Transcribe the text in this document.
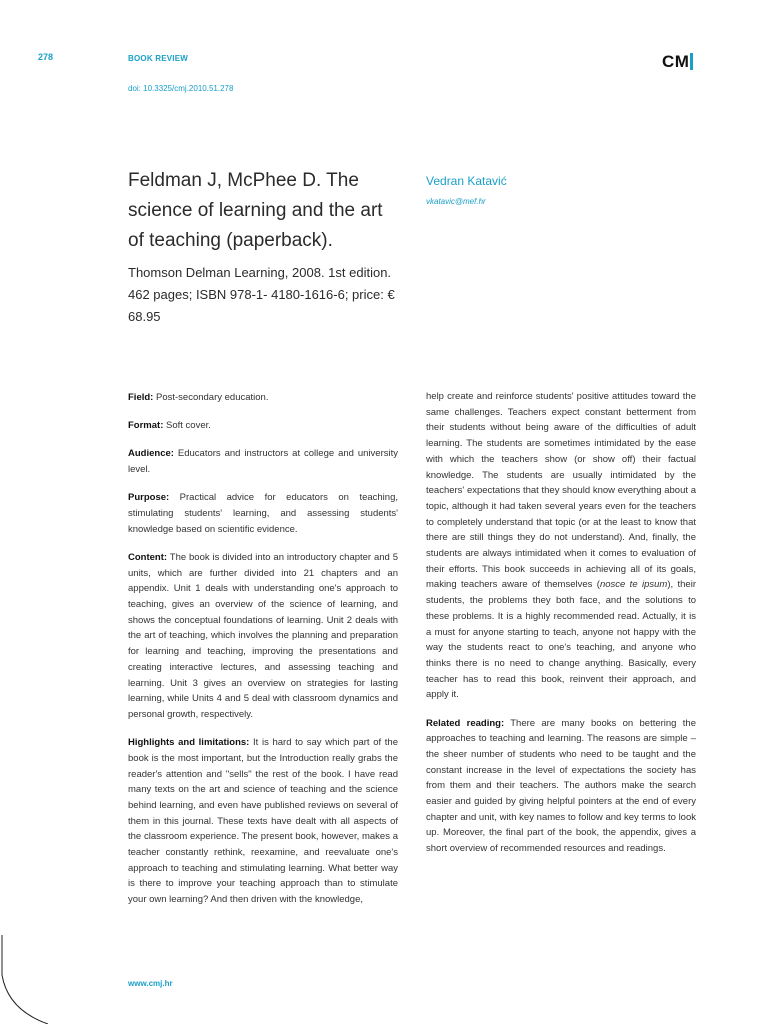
278	BOOK REVIEW
doi: 10.3325/cmj.2010.51.278
CM
Feldman J, McPhee D. The science of learning and the art of teaching (paperback).
Thomson Delman Learning, 2008. 1st edition. 462 pages; ISBN 978-1- 4180-1616-6; price: € 68.95
Vedran Katavić
vkatavic@mef.hr

Field: Post-secondary education.

Format: Soft cover.

Audience: Educators and instructors at college and university level.

Purpose: Practical advice for educators on teaching, stimulating students' learning, and assessing students' knowledge based on scientific evidence.

Content: The book is divided into an introductory chapter and 5 units, which are further divided into 21 chapters and an appendix. Unit 1 deals with understanding one's approach to teaching, gives an overview of the science of learning, and shows the conceptual foundations of learning. Unit 2 deals with the art of teaching, which involves the planning and preparation for learning and teaching, improving the presentations and creating interactive lectures, and assessing teaching and learning. Unit 3 gives an overview on strategies for lasting learning, while Units 4 and 5 deal with classroom dynamics and personal growth, respectively.

Highlights and limitations: It is hard to say which part of the book is the most important, but the Introduction really grabs the reader's attention and "sells" the rest of the book. I have read many texts on the art and science of teaching and the science behind learning, and even have published reviews on several of them in this journal. These texts have dealt with all aspects of the classroom experience. The present book, however, makes a teacher constantly rethink, reexamine, and reevaluate one's approach to teaching and stimulating learning. What better way is there to improve your teaching approach than to stimulate your own learning? And then driven with the knowledge,

help create and reinforce students' positive attitudes toward the same challenges. Teachers expect constant betterment from their students without being aware of the difficulties of adult learning. The students are sometimes intimidated by the ease with which the teachers show (or show off) their factual knowledge. The students are usually intimidated by the teachers' expectations that they should know everything about a topic, although it had taken several years even for the teachers to completely understand that topic (or at the least to know that there are still things they do not understand). And, finally, the students are always intimidated when it comes to evaluation of their efforts. This book succeeds in achieving all of its goals, making teachers aware of themselves (nosce te ipsum), their students, the problems they both face, and the solutions to these problems. It is a highly recommended read. Actually, it is a must for anyone starting to teach, anyone not happy with the way the students react to one's teaching, and anyone who thinks there is no need to change anything. Basically, every teacher has to read this book, reinvent their approach, and apply it.

Related reading: There are many books on bettering the approaches to teaching and learning. The reasons are simple – the sheer number of students who need to be taught and the constant increase in the level of expectations the society has from them and their teachers. The authors make the search easier and guided by giving helpful pointers at the end of every chapter and unit, with key names to follow and key terms to look up. Moreover, the final part of the book, the appendix, gives a short overview of recommended resources and readings.

www.cmj.hr
